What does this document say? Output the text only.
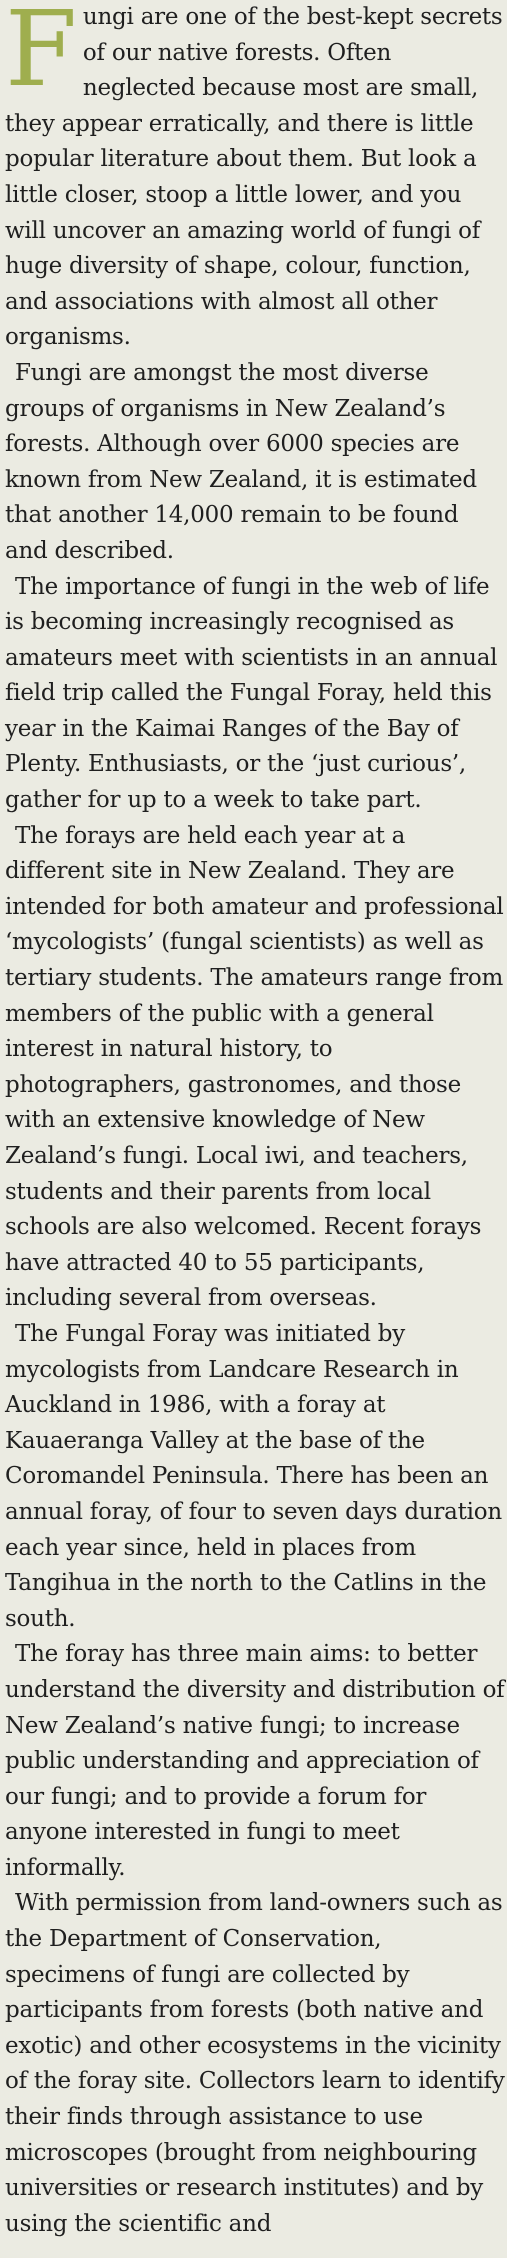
Fungi are one of the best-kept secrets of our native forests. Often neglected because most are small, they appear erratically, and there is little popular literature about them. But look a little closer, stoop a little lower, and you will uncover an amazing world of fungi of huge diversity of shape, colour, function, and associations with almost all other organisms.

Fungi are amongst the most diverse groups of organisms in New Zealand’s forests. Although over 6000 species are known from New Zealand, it is estimated that another 14,000 remain to be found and described.

The importance of fungi in the web of life is becoming increasingly recognised as amateurs meet with scientists in an annual field trip called the Fungal Foray, held this year in the Kaimai Ranges of the Bay of Plenty. Enthusiasts, or the ‘just curious’, gather for up to a week to take part.

The forays are held each year at a different site in New Zealand. They are intended for both amateur and professional ‘mycologists’ (fungal scientists) as well as tertiary students. The amateurs range from members of the public with a general interest in natural history, to photographers, gastronomes, and those with an extensive knowledge of New Zealand’s fungi. Local iwi, and teachers, students and their parents from local schools are also welcomed. Recent forays have attracted 40 to 55 participants, including several from overseas.

The Fungal Foray was initiated by mycologists from Landcare Research in Auckland in 1986, with a foray at Kauaeranga Valley at the base of the Coromandel Peninsula. There has been an annual foray, of four to seven days duration each year since, held in places from Tangihua in the north to the Catlins in the south.

The foray has three main aims: to better understand the diversity and distribution of New Zealand’s native fungi; to increase public understanding and appreciation of our fungi; and to provide a forum for anyone interested in fungi to meet informally.

With permission from land-owners such as the Department of Conservation, specimens of fungi are collected by participants from forests (both native and exotic) and other ecosystems in the vicinity of the foray site. Collectors learn to identify their finds through assistance to use microscopes (brought from neighbouring universities or research institutes) and by using the scientific and
